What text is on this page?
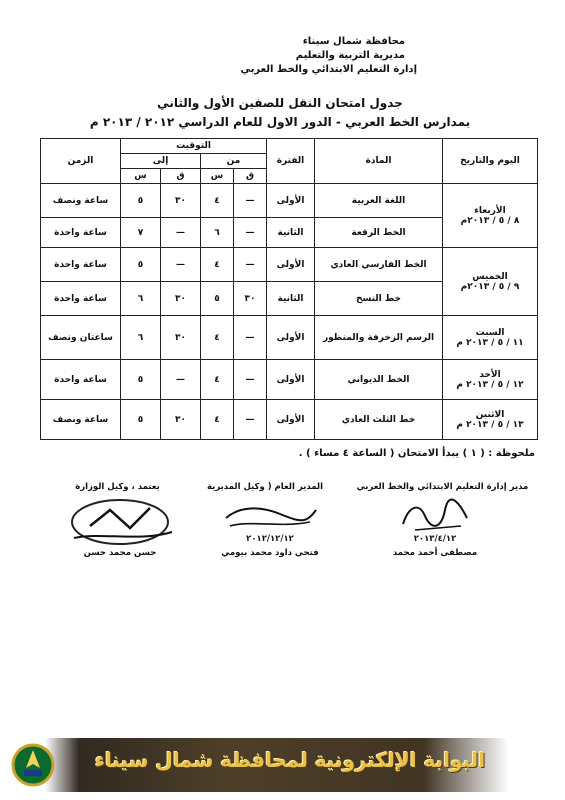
محافظة شمال سيناء
مديرية التربية والتعليم
إدارة التعليم الابتدائي والخط العربي
جدول امتحان النقل للصفين الأول والثاني
بمدارس الخط العربي - الدور الاول للعام الدراسي ٢٠١٢ / ٢٠١٣ م
اليوم والتاريخ	المادة	الفترة	التوقيت				الزمن
			من		إلى		
			ق	س	ق	س	

الأربعاء
٨ / ٥ / ٢٠١٣م	اللغة العربية	الأولى	—	٤	٣٠	٥	ساعة ونصف
	الخط الرقعة	الثانية	—	٦	—	٧	ساعة واحدة

الخميس
٩ / ٥ / ٢٠١٣م	الخط الفارسي العادي	الأولى	—	٤	—	٥	ساعة واحدة
	خط النسخ	الثانية	٣٠	٥	٣٠	٦	ساعة واحدة

السبت
١١ / ٥ / ٢٠١٣ م	الرسم الزخرفة والمنظور	الأولى	—	٤	٣٠	٦	ساعتان ونصف

الأحد
١٢ / ٥ / ٢٠١٣ م	الخط الديواني	الأولى	—	٤	—	٥	ساعة واحدة

الاثنين
١٣ / ٥ / ٢٠١٣ م	خط الثلث العادي	الأولى	—	٤	٣٠	٥	ساعة ونصف
ملحوظة : ( ١ ) يبدأ الامتحان ( الساعة ٤ مساء ) .
مدير إدارة التعليم الابتدائي والخط العربي
المدير العام ( وكيل المديرية
يعتمد ، وكيل الوزارة
٢٠١٣/٤/١٢
٢٠١٢/١٢/١٢
مصطفى أحمد محمد
فتحي داود محمد بيومي
حسن محمد حسن
البوابة الإلكترونية لمحافظة شمال سيناء
